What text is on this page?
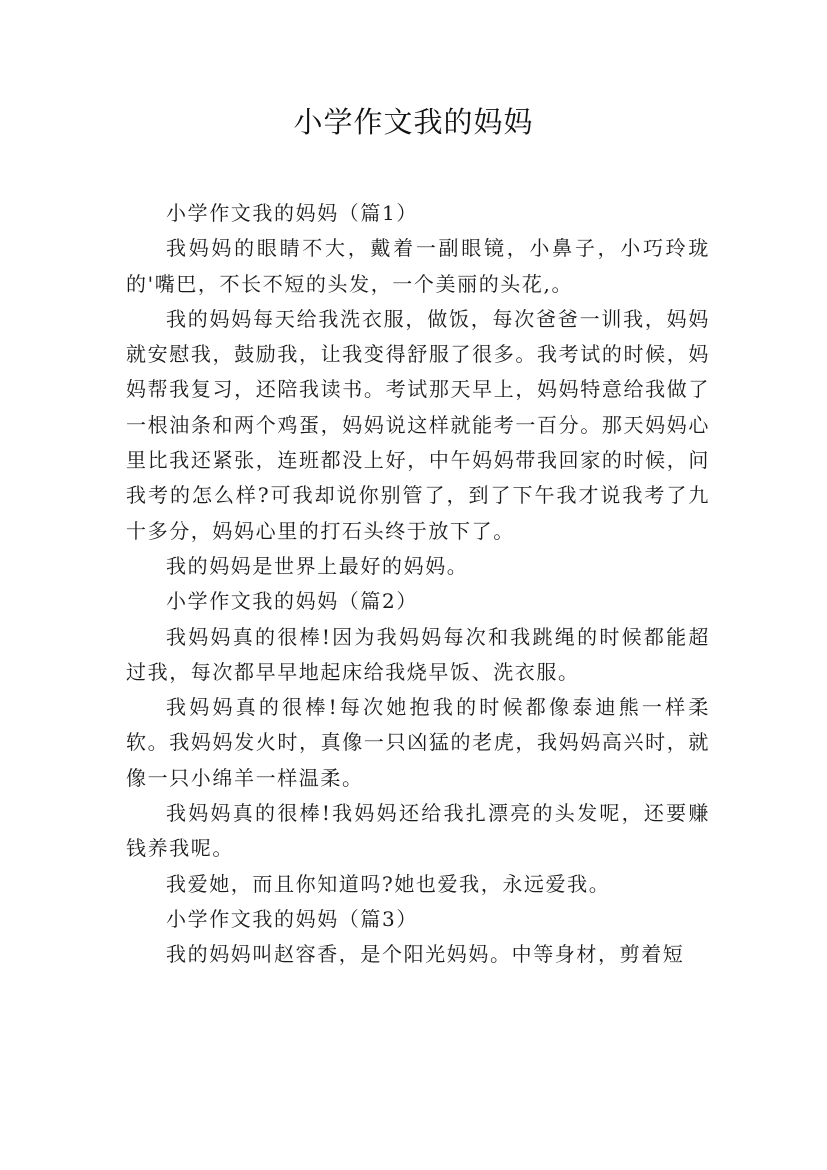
小学作文我的妈妈

小学作文我的妈妈（篇1）

我妈妈的眼睛不大，戴着一副眼镜，小鼻子，小巧玲珑的'嘴巴，不长不短的头发，一个美丽的头花,。

我的妈妈每天给我洗衣服，做饭，每次爸爸一训我，妈妈就安慰我，鼓励我，让我变得舒服了很多。我考试的时候，妈妈帮我复习，还陪我读书。考试那天早上，妈妈特意给我做了一根油条和两个鸡蛋，妈妈说这样就能考一百分。那天妈妈心里比我还紧张，连班都没上好，中午妈妈带我回家的时候，问我考的怎么样?可我却说你别管了，到了下午我才说我考了九十多分，妈妈心里的打石头终于放下了。

我的妈妈是世界上最好的妈妈。

小学作文我的妈妈（篇2）

我妈妈真的很棒!因为我妈妈每次和我跳绳的时候都能超过我，每次都早早地起床给我烧早饭、洗衣服。

我妈妈真的很棒!每次她抱我的时候都像泰迪熊一样柔软。我妈妈发火时，真像一只凶猛的老虎，我妈妈高兴时，就像一只小绵羊一样温柔。

我妈妈真的很棒!我妈妈还给我扎漂亮的头发呢，还要赚钱养我呢。

我爱她，而且你知道吗?她也爱我，永远爱我。

小学作文我的妈妈（篇3）

我的妈妈叫赵容香，是个阳光妈妈。中等身材，剪着短
